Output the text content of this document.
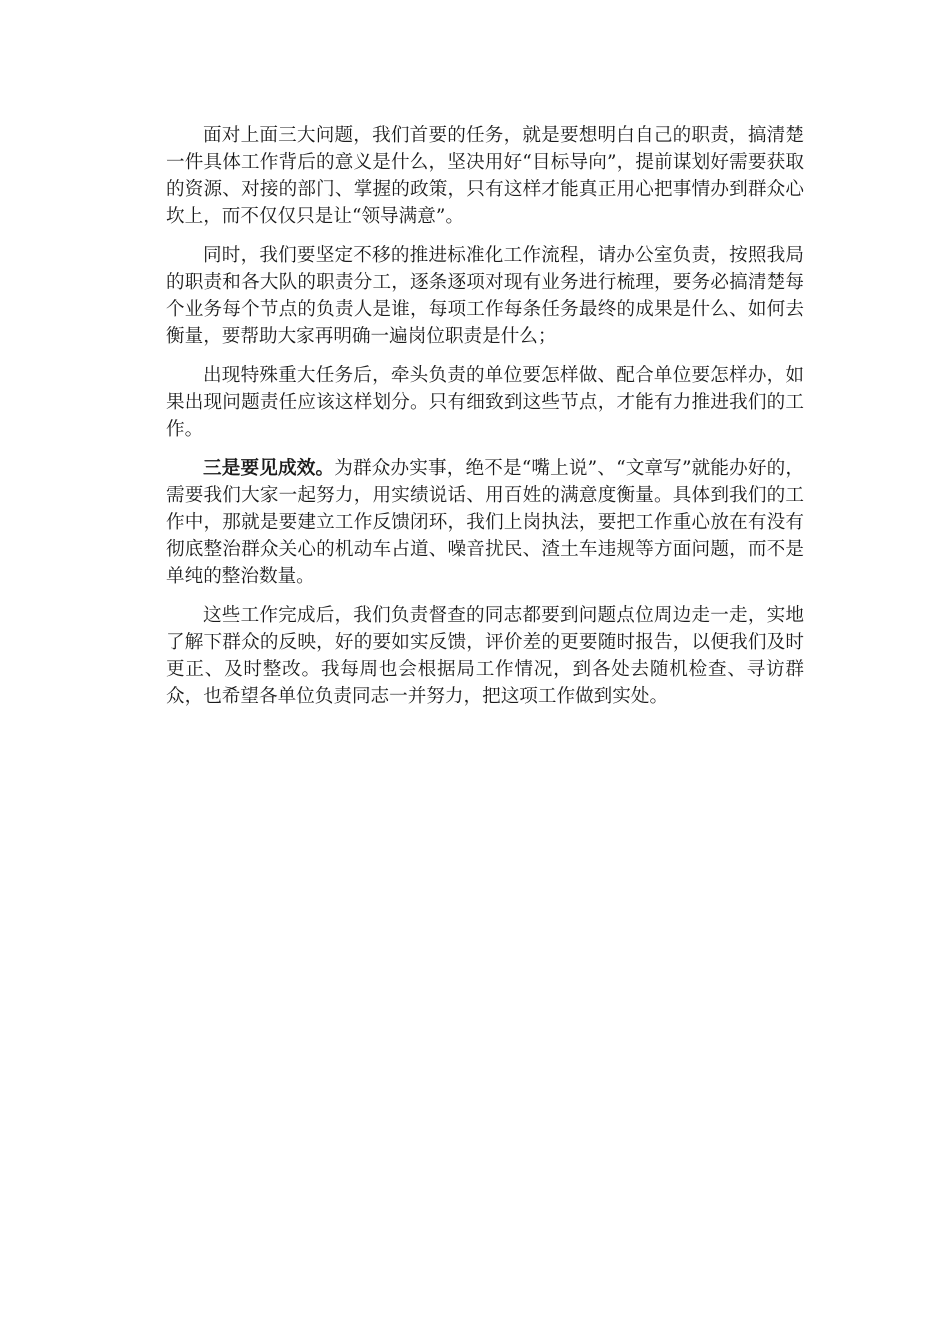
面对上面三大问题，我们首要的任务，就是要想明白自己的职责，搞清楚一件具体工作背后的意义是什么，坚决用好“目标导向”，提前谋划好需要获取的资源、对接的部门、掌握的政策，只有这样才能真正用心把事情办到群众心坎上，而不仅仅只是让“领导满意”。

同时，我们要坚定不移的推进标准化工作流程，请办公室负责，按照我局的职责和各大队的职责分工，逐条逐项对现有业务进行梳理，要务必搞清楚每个业务每个节点的负责人是谁，每项工作每条任务最终的成果是什么、如何去衡量，要帮助大家再明确一遍岗位职责是什么；

出现特殊重大任务后，牵头负责的单位要怎样做、配合单位要怎样办，如果出现问题责任应该这样划分。只有细致到这些节点，才能有力推进我们的工作。

三是要见成效。为群众办实事，绝不是“嘴上说”、“文章写”就能办好的，需要我们大家一起努力，用实绩说话、用百姓的满意度衡量。具体到我们的工作中，那就是要建立工作反馈闭环，我们上岗执法，要把工作重心放在有没有彻底整治群众关心的机动车占道、噪音扰民、渣土车违规等方面问题，而不是单纯的整治数量。

这些工作完成后，我们负责督查的同志都要到问题点位周边走一走，实地了解下群众的反映，好的要如实反馈，评价差的更要随时报告，以便我们及时更正、及时整改。我每周也会根据局工作情况，到各处去随机检查、寻访群众，也希望各单位负责同志一并努力，把这项工作做到实处。
